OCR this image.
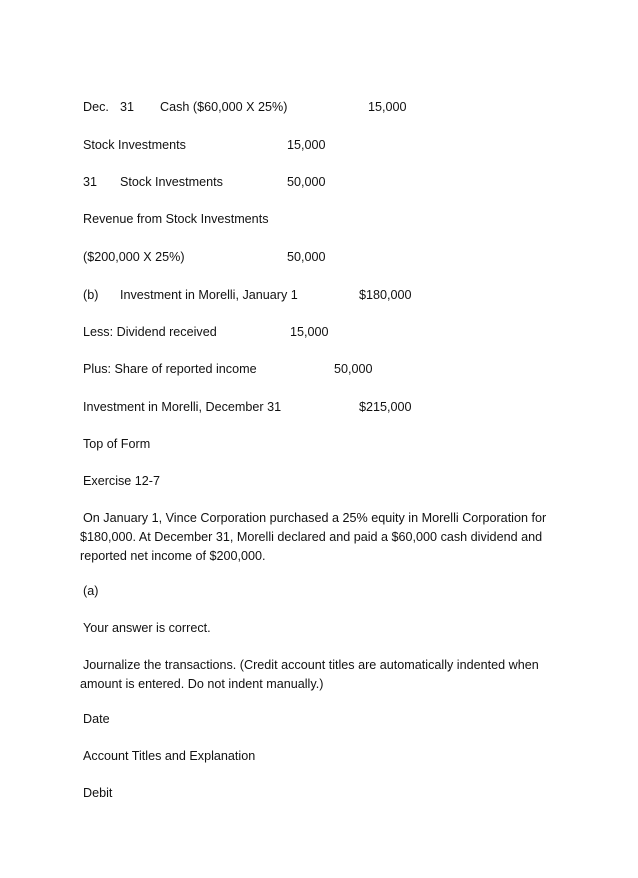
Dec. 31 Cash ($60,000 X 25%)	15,000
Stock Investments	15,000
31 Stock Investments	50,000
Revenue from Stock Investments
($200,000 X 25%)	50,000
(b) Investment in Morelli, January 1	$180,000
Less: Dividend received	15,000
Plus: Share of reported income	50,000
Investment in Morelli, December 31	$215,000
Top of Form
Exercise 12-7
On January 1, Vince Corporation purchased a 25% equity in Morelli Corporation for $180,000. At December 31, Morelli declared and paid a $60,000 cash dividend and reported net income of $200,000.
(a)
Your answer is correct.
Journalize the transactions. (Credit account titles are automatically indented when amount is entered. Do not indent manually.)
Date
Account Titles and Explanation
Debit
